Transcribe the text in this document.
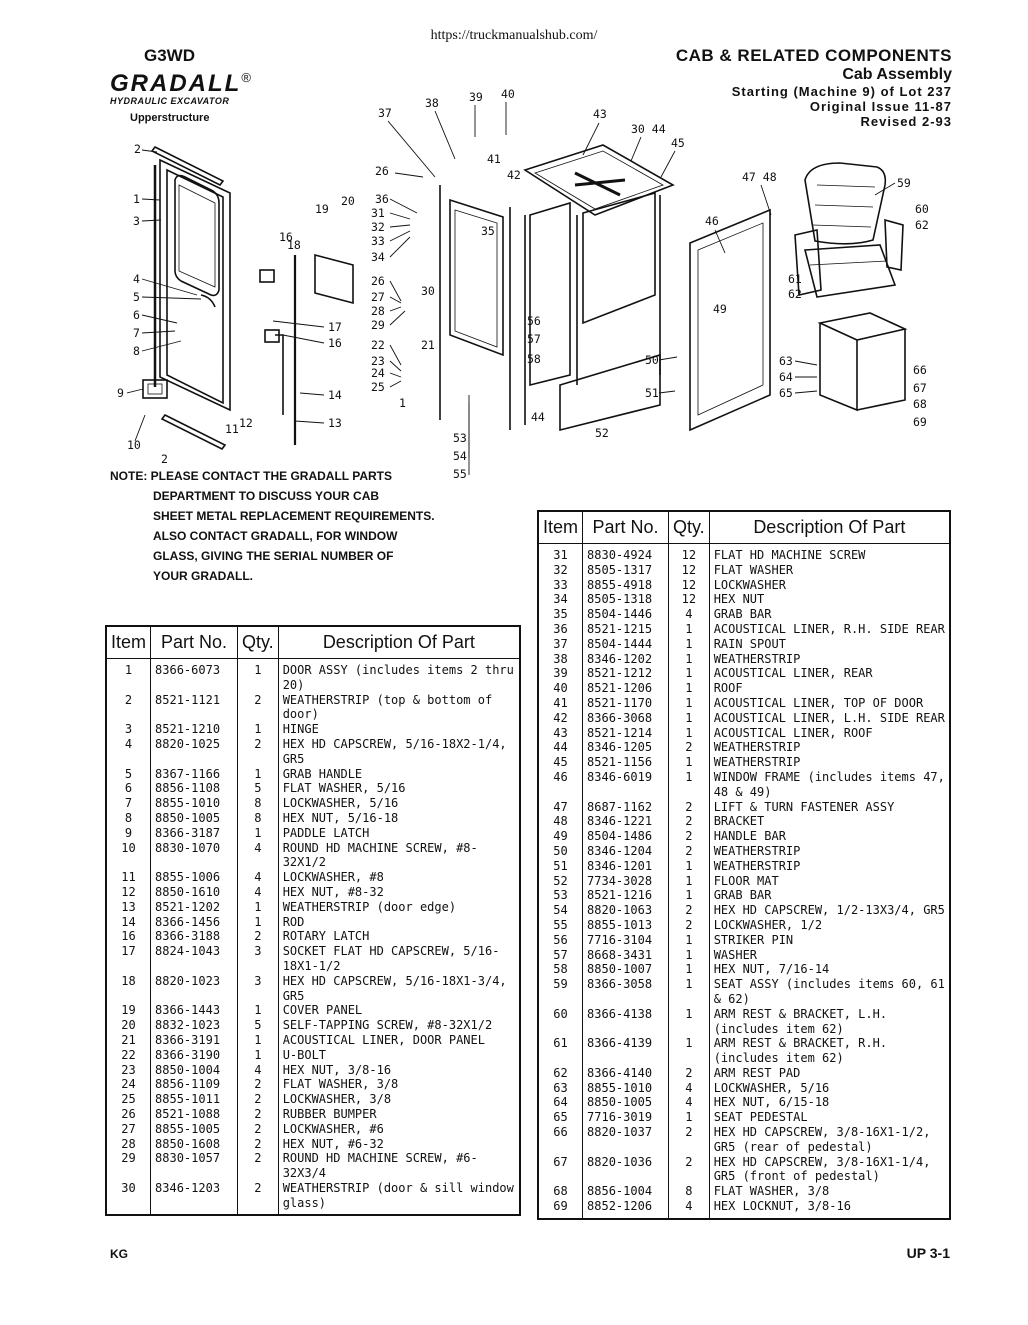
https://truckmanualshub.com/
G3WD
GRADALL®
HYDRAULIC EXCAVATOR
Upperstructure
CAB & RELATED COMPONENTS
Cab Assembly
Starting (Machine 9) of Lot 237
Original Issue 11-87
Revised 2-93
2
1
3
4
5
6
7
8
9
10
11 12	13
14
16
17
18
16
19
20
21
22
23
24
25
26
26
27
28
29
30
31
32
33
34
35
36
37
38	39 40
41
42
43
30 44
45
46
47 48
49
50
51
52
53
54
55
56
57
58
59
60
61
62
62
63
64
65
66
67
68
69
44
1
2
NOTE: PLEASE CONTACT THE GRADALL PARTS
DEPARTMENT TO DISCUSS YOUR CAB
SHEET METAL REPLACEMENT REQUIREMENTS.
ALSO CONTACT GRADALL, FOR WINDOW
GLASS, GIVING THE SERIAL NUMBER OF
YOUR GRADALL.
Item	Part No.	Qty.	Description Of Part
1	8366-6073	1	DOOR ASSY (includes items 2 thru 20)
2	8521-1121	2	WEATHERSTRIP (top & bottom of door)
3	8521-1210	1	HINGE
4	8820-1025	2	HEX HD CAPSCREW, 5/16-18X2-1/4, GR5
5	8367-1166	1	GRAB HANDLE
6	8856-1108	5	FLAT WASHER, 5/16
7	8855-1010	8	LOCKWASHER, 5/16
8	8850-1005	8	HEX NUT, 5/16-18
9	8366-3187	1	PADDLE LATCH
10	8830-1070	4	ROUND HD MACHINE SCREW, #8-32X1/2
11	8855-1006	4	LOCKWASHER, #8
12	8850-1610	4	HEX NUT, #8-32
13	8521-1202	1	WEATHERSTRIP (door edge)
14	8366-1456	1	ROD
16	8366-3188	2	ROTARY LATCH
17	8824-1043	3	SOCKET FLAT HD CAPSCREW, 5/16-18X1-1/2
18	8820-1023	3	HEX HD CAPSCREW, 5/16-18X1-3/4, GR5
19	8366-1443	1	COVER PANEL
20	8832-1023	5	SELF-TAPPING SCREW, #8-32X1/2
21	8366-3191	1	ACOUSTICAL LINER, DOOR PANEL
22	8366-3190	1	U-BOLT
23	8850-1004	4	HEX NUT, 3/8-16
24	8856-1109	2	FLAT WASHER, 3/8
25	8855-1011	2	LOCKWASHER, 3/8
26	8521-1088	2	RUBBER BUMPER
27	8855-1005	2	LOCKWASHER, #6
28	8850-1608	2	HEX NUT, #6-32
29	8830-1057	2	ROUND HD MACHINE SCREW, #6-32X3/4
30	8346-1203	2	WEATHERSTRIP (door & sill window glass)
Item	Part No.	Qty.	Description Of Part
31	8830-4924	12	FLAT HD MACHINE SCREW
32	8505-1317	12	FLAT WASHER
33	8855-4918	12	LOCKWASHER
34	8505-1318	12	HEX NUT
35	8504-1446	4	GRAB BAR
36	8521-1215	1	ACOUSTICAL LINER, R.H. SIDE REAR
37	8504-1444	1	RAIN SPOUT
38	8346-1202	1	WEATHERSTRIP
39	8521-1212	1	ACOUSTICAL LINER, REAR
40	8521-1206	1	ROOF
41	8521-1170	1	ACOUSTICAL LINER, TOP OF DOOR
42	8366-3068	1	ACOUSTICAL LINER, L.H. SIDE REAR
43	8521-1214	1	ACOUSTICAL LINER, ROOF
44	8346-1205	2	WEATHERSTRIP
45	8521-1156	1	WEATHERSTRIP
46	8346-6019	1	WINDOW FRAME (includes items 47, 48 & 49)
47	8687-1162	2	LIFT & TURN FASTENER ASSY
48	8346-1221	2	BRACKET
49	8504-1486	2	HANDLE BAR
50	8346-1204	2	WEATHERSTRIP
51	8346-1201	1	WEATHERSTRIP
52	7734-3028	1	FLOOR MAT
53	8521-1216	1	GRAB BAR
54	8820-1063	2	HEX HD CAPSCREW, 1/2-13X3/4, GR5
55	8855-1013	2	LOCKWASHER, 1/2
56	7716-3104	1	STRIKER PIN
57	8668-3431	1	WASHER
58	8850-1007	1	HEX NUT, 7/16-14
59	8366-3058	1	SEAT ASSY (includes items 60, 61 & 62)
60	8366-4138	1	ARM REST & BRACKET, L.H. (includes item 62)
61	8366-4139	1	ARM REST & BRACKET, R.H. (includes item 62)
62	8366-4140	2	ARM REST PAD
63	8855-1010	4	LOCKWASHER, 5/16
64	8850-1005	4	HEX NUT, 6/15-18
65	7716-3019	1	SEAT PEDESTAL
66	8820-1037	2	HEX HD CAPSCREW, 3/8-16X1-1/2, GR5 (rear of pedestal)
67	8820-1036	2	HEX HD CAPSCREW, 3/8-16X1-1/4, GR5 (front of pedestal)
68	8856-1004	8	FLAT WASHER, 3/8
69	8852-1206	4	HEX LOCKNUT, 3/8-16
KG	UP 3-1
